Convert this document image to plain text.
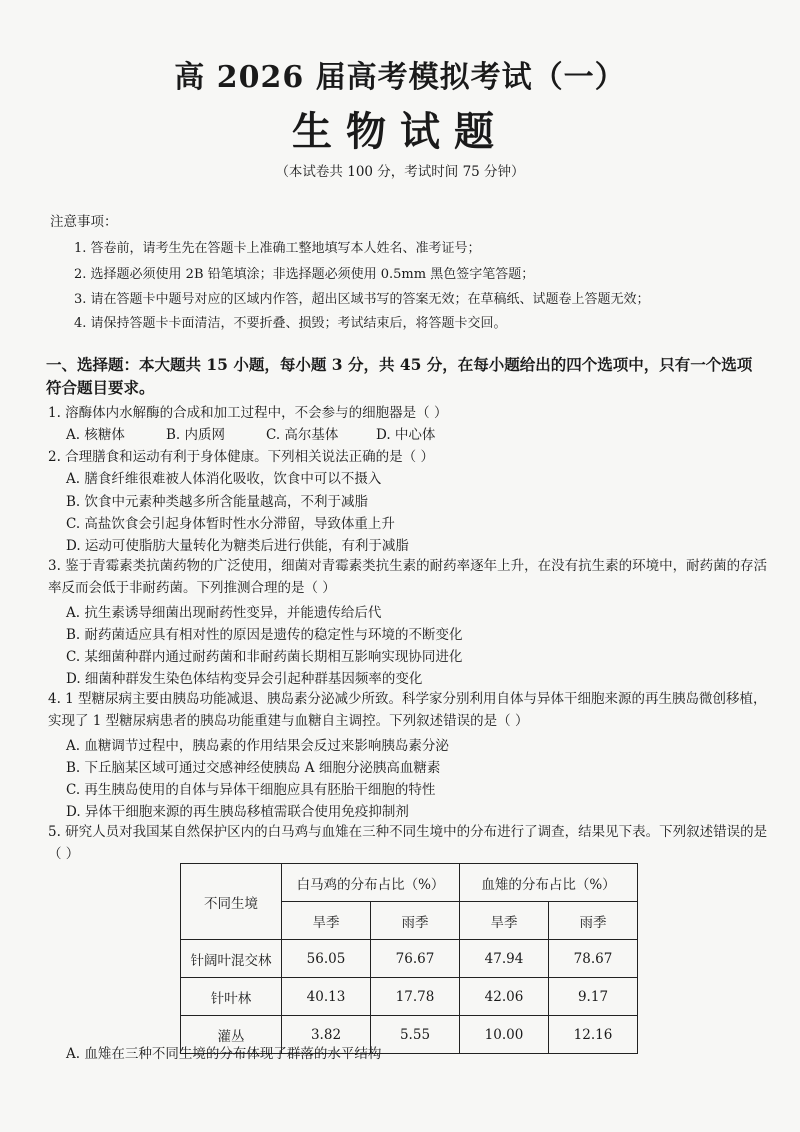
高 2026 届高考模拟考试（一）
生物试题
（本试卷共 100 分，考试时间 75 分钟）
注意事项：
1. 答卷前，请考生先在答题卡上准确工整地填写本人姓名、准考证号；
2. 选择题必须使用 2B 铅笔填涂；非选择题必须使用 0.5mm 黑色签字笔答题；
3. 请在答题卡中题号对应的区域内作答，超出区域书写的答案无效；在草稿纸、试题卷上答题无效；
4. 请保持答题卡卡面清洁，不要折叠、损毁；考试结束后，将答题卡交回。
一、选择题：本大题共 15 小题，每小题 3 分，共 45 分，在每小题给出的四个选项中，只有一个选项符合题目要求。
1. 溶酶体内水解酶的合成和加工过程中，不会参与的细胞器是（ ）
A. 核糖体	B. 内质网	C. 高尔基体	D. 中心体
2. 合理膳食和运动有利于身体健康。下列相关说法正确的是（ ）
A. 膳食纤维很难被人体消化吸收，饮食中可以不摄入
B. 饮食中元素种类越多所含能量越高，不利于减脂
C. 高盐饮食会引起身体暂时性水分滞留，导致体重上升
D. 运动可使脂肪大量转化为糖类后进行供能，有利于减脂
3. 鉴于青霉素类抗菌药物的广泛使用，细菌对青霉素类抗生素的耐药率逐年上升，在没有抗生素的环境中，耐药菌的存活率反而会低于非耐药菌。下列推测合理的是（ ）
A. 抗生素诱导细菌出现耐药性变异，并能遗传给后代
B. 耐药菌适应具有相对性的原因是遗传的稳定性与环境的不断变化
C. 某细菌种群内通过耐药菌和非耐药菌长期相互影响实现协同进化
D. 细菌种群发生染色体结构变异会引起种群基因频率的变化
4. 1 型糖尿病主要由胰岛功能减退、胰岛素分泌减少所致。科学家分别利用自体与异体干细胞来源的再生胰岛微创移植，实现了 1 型糖尿病患者的胰岛功能重建与血糖自主调控。下列叙述错误的是（ ）
A. 血糖调节过程中，胰岛素的作用结果会反过来影响胰岛素分泌
B. 下丘脑某区域可通过交感神经使胰岛 A 细胞分泌胰高血糖素
C. 再生胰岛使用的自体与异体干细胞应具有胚胎干细胞的特性
D. 异体干细胞来源的再生胰岛移植需联合使用免疫抑制剂
5. 研究人员对我国某自然保护区内的白马鸡与血雉在三种不同生境中的分布进行了调查，结果见下表。下列叙述错误的是（ ）
不同生境	白马鸡的分布占比（%）		血雉的分布占比（%）	
	旱季	雨季	旱季	雨季
针阔叶混交林	56.05	76.67	47.94	78.67
针叶林	40.13	17.78	42.06	9.17
灌丛	3.82	5.55	10.00	12.16
A. 血雉在三种不同生境的分布体现了群落的水平结构
